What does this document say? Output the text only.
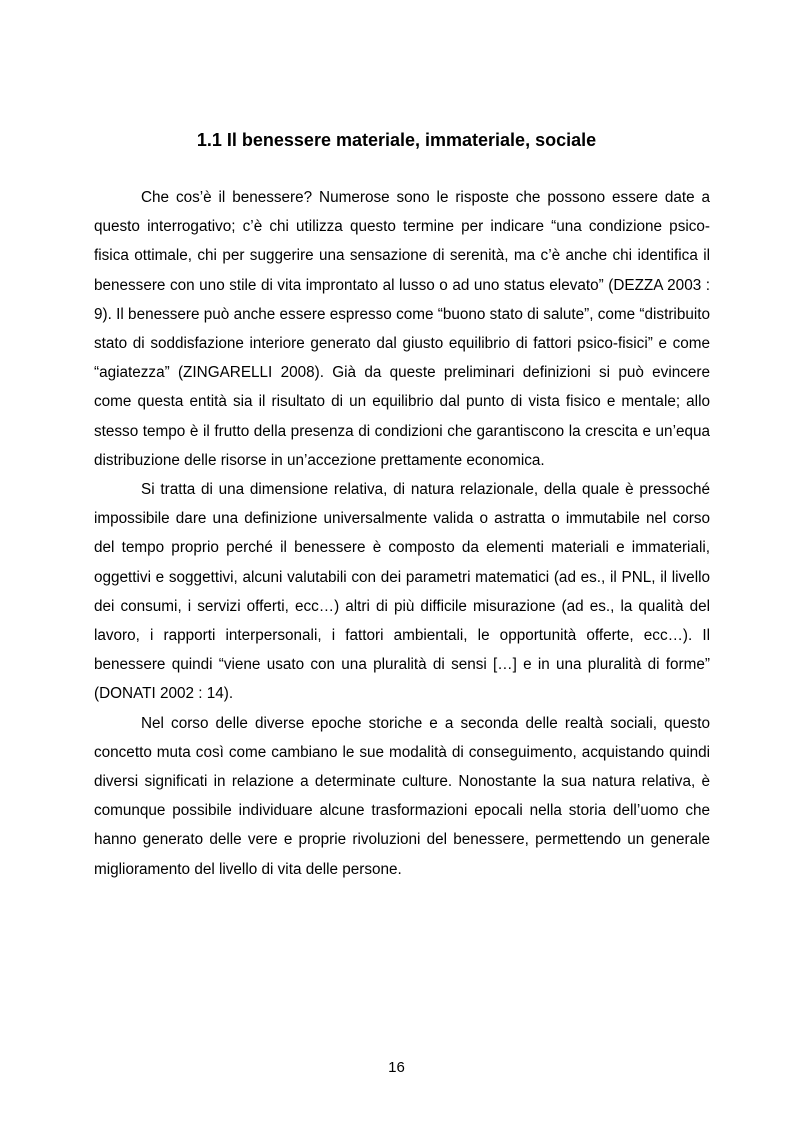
1.1 Il benessere materiale, immateriale, sociale

Che cos’è il benessere? Numerose sono le risposte che possono essere date a questo interrogativo; c’è chi utilizza questo termine per indicare “una condizione psico-fisica ottimale, chi per suggerire una sensazione di serenità, ma c’è anche chi identifica il benessere con uno stile di vita improntato al lusso o ad uno status elevato” (DEZZA 2003 : 9). Il benessere può anche essere espresso come “buono stato di salute”, come “distribuito stato di soddisfazione interiore generato dal giusto equilibrio di fattori psico-fisici” e come “agiatezza” (ZINGARELLI 2008). Già da queste preliminari definizioni si può evincere come questa entità sia il risultato di un equilibrio dal punto di vista fisico e mentale; allo stesso tempo è il frutto della presenza di condizioni che garantiscono la crescita e un’equa distribuzione delle risorse in un’accezione prettamente economica.

Si tratta di una dimensione relativa, di natura relazionale, della quale è pressoché impossibile dare una definizione universalmente valida o astratta o immutabile nel corso del tempo proprio perché il benessere è composto da elementi materiali e immateriali, oggettivi e soggettivi, alcuni valutabili con dei parametri matematici (ad es., il PNL, il livello dei consumi, i servizi offerti, ecc…) altri di più difficile misurazione (ad es., la qualità del lavoro, i rapporti interpersonali, i fattori ambientali, le opportunità offerte, ecc…). Il benessere quindi “viene usato con una pluralità di sensi […] e in una pluralità di forme” (DONATI 2002 : 14).

Nel corso delle diverse epoche storiche e a seconda delle realtà sociali, questo concetto muta così come cambiano le sue modalità di conseguimento, acquistando quindi diversi significati in relazione a determinate culture. Nonostante la sua natura relativa, è comunque possibile individuare alcune trasformazioni epocali nella storia dell’uomo che hanno generato delle vere e proprie rivoluzioni del benessere, permettendo un generale miglioramento del livello di vita delle persone.

16
